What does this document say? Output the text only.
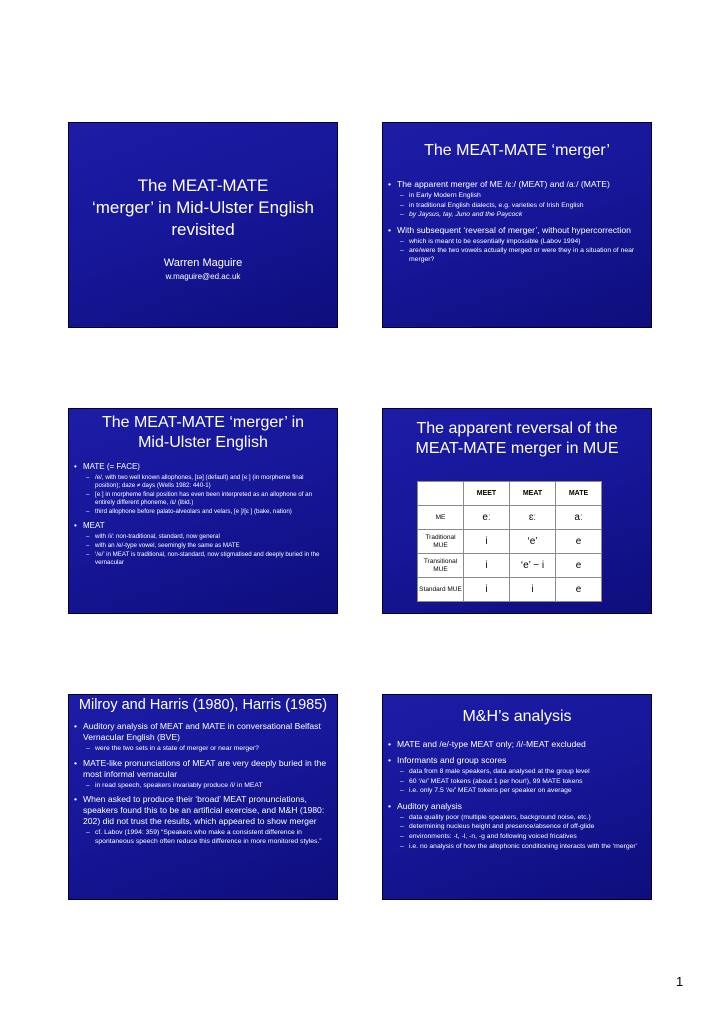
The MEAT-MATE
‘merger’ in Mid-Ulster English
revisited
Warren Maguire
w.maguire@ed.ac.uk
The MEAT-MATE ‘merger’
• The apparent merger of ME /ɛː/ (MEAT) and /aː/ (MATE)
– in Early Modern English
– in traditional English dialects, e.g. varieties of Irish English
– by Jaysus, tay, Juno and the Paycock
• With subsequent ‘reversal of merger’, without hypercorrection
– which is meant to be essentially impossible (Labov 1994)
– are/were the two vowels actually merged or were they in a situation of near merger?
The MEAT-MATE ‘merger’ in
Mid-Ulster English
• MATE (= FACE)
– /e/, with two well known allophones, [ɪə] (default) and [eː] (in morpheme final position); daze ≠ days (Wells 1982: 440-1)
– [eː] in morpheme final position has even been interpreted as an allophone of an entirely different phoneme, /ɛ/ (ibid.)
– third allophone before palato-alveolars and velars, [e ]/[ɛ ] (bake, nation)
• MEAT
– with /i/: non-traditional, standard, now general
– with an /e/-type vowel, seemingly the same as MATE
– ‘/e/’ in MEAT is traditional, non-standard, now stigmatised and deeply buried in the vernacular
The apparent reversal of the
MEAT-MATE merger in MUE
	MEET	MEAT	MATE
ME	eː	ɛː	aː
Traditional MUE	i	‘e’	e
Transitional MUE	i	‘e’ ~ i	e
Standard MUE	i	i	e
Milroy and Harris (1980), Harris (1985)
• Auditory analysis of MEAT and MATE in conversational Belfast Vernacular English (BVE)
– were the two sets in a state of merger or near merger?
• MATE-like pronunciations of MEAT are very deeply buried in the most informal vernacular
– in read speech, speakers invariably produce /i/ in MEAT
• When asked to produce their ‘broad’ MEAT pronunciations, speakers found this to be an artificial exercise, and M&H (1980: 202) did not trust the results, which appeared to show merger
– cf. Labov (1994: 359) “Speakers who make a consistent difference in spontaneous speech often reduce this difference in more monitored styles.”
M&H’s analysis
• MATE and /e/-type MEAT only; /i/-MEAT excluded
• Informants and group scores
– data from 8 male speakers, data analysed at the group level
– 60 ‘/e/’ MEAT tokens (about 1 per hour!), 99 MATE tokens
– i.e. only 7.5 ‘/e/’ MEAT tokens per speaker on average
• Auditory analysis
– data quality poor (multiple speakers, background noise, etc.)
– determining nucleus height and presence/absence of off-glide
– environments: -t, -l, -n, -g and following voiced fricatives
– i.e. no analysis of how the allophonic conditioning interacts with the ‘merger’
1
